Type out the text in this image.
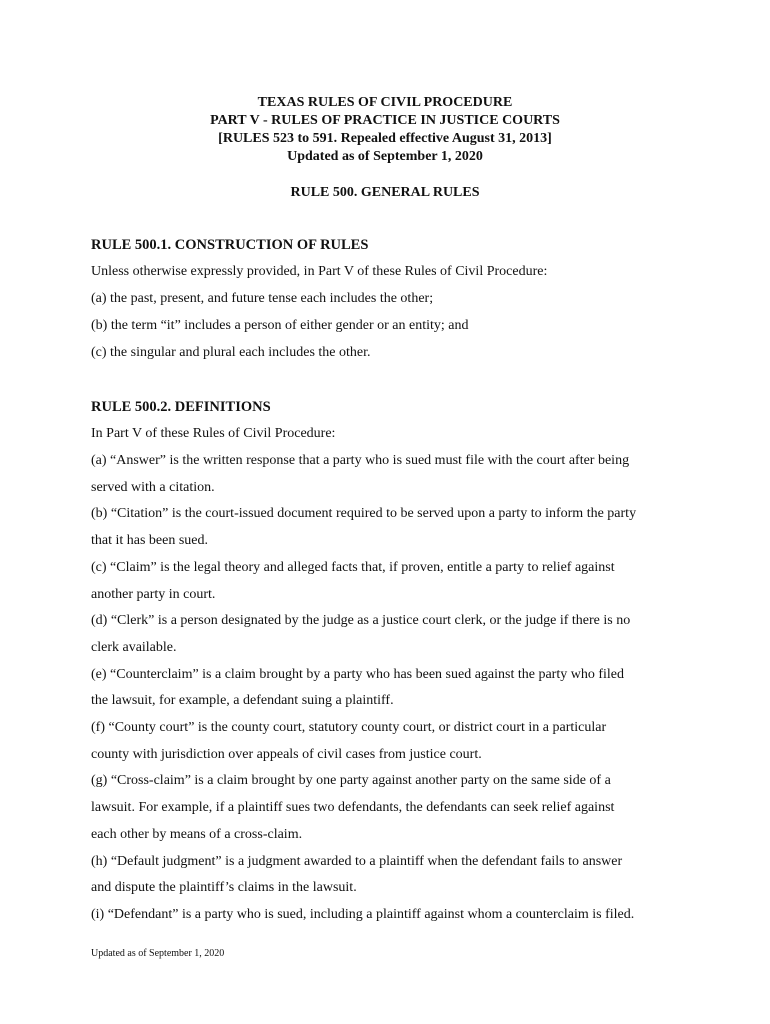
TEXAS RULES OF CIVIL PROCEDURE
PART V - RULES OF PRACTICE IN JUSTICE COURTS
[RULES 523 to 591. Repealed effective August 31, 2013]
Updated as of September 1, 2020
RULE 500. GENERAL RULES
RULE 500.1. CONSTRUCTION OF RULES
Unless otherwise expressly provided, in Part V of these Rules of Civil Procedure:
(a) the past, present, and future tense each includes the other;
(b) the term “it” includes a person of either gender or an entity; and
(c) the singular and plural each includes the other.
RULE 500.2. DEFINITIONS
In Part V of these Rules of Civil Procedure:
(a) “Answer” is the written response that a party who is sued must file with the court after being
served with a citation.
(b) “Citation” is the court-issued document required to be served upon a party to inform the party
that it has been sued.
(c) “Claim” is the legal theory and alleged facts that, if proven, entitle a party to relief against
another party in court.
(d) “Clerk” is a person designated by the judge as a justice court clerk, or the judge if there is no
clerk available.
(e) “Counterclaim” is a claim brought by a party who has been sued against the party who filed
the lawsuit, for example, a defendant suing a plaintiff.
(f) “County court” is the county court, statutory county court, or district court in a particular
county with jurisdiction over appeals of civil cases from justice court.
(g) “Cross-claim” is a claim brought by one party against another party on the same side of a
lawsuit. For example, if a plaintiff sues two defendants, the defendants can seek relief against
each other by means of a cross-claim.
(h) “Default judgment” is a judgment awarded to a plaintiff when the defendant fails to answer
and dispute the plaintiff’s claims in the lawsuit.
(i) “Defendant” is a party who is sued, including a plaintiff against whom a counterclaim is filed.
Updated as of September 1, 2020
